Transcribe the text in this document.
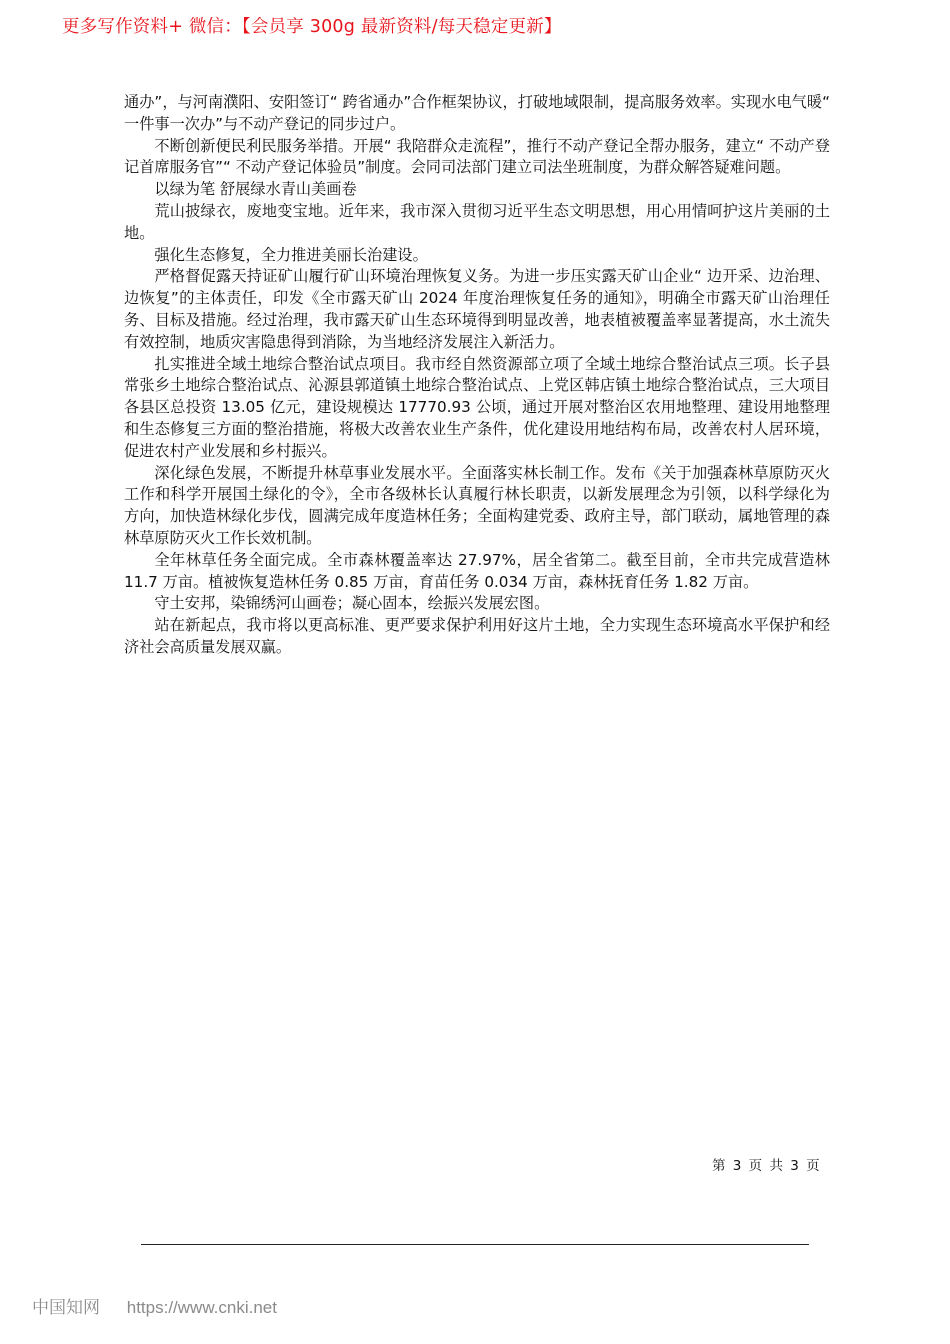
更多写作资料+ 微信：【会员享 300g 最新资料/每天稳定更新】

通办”，与河南濮阳、安阳签订“ 跨省通办”合作框架协议，打破地域限制，提高服务效率。实现水电气暖“ 一件事一次办”与不动产登记的同步过户。

不断创新便民利民服务举措。开展“ 我陪群众走流程”，推行不动产登记全帮办服务，建立“ 不动产登记首席服务官”“ 不动产登记体验员”制度。会同司法部门建立司法坐班制度，为群众解答疑难问题。

以绿为笔 舒展绿水青山美画卷

荒山披绿衣，废地变宝地。近年来，我市深入贯彻习近平生态文明思想，用心用情呵护这片美丽的土地。

强化生态修复，全力推进美丽长治建设。

严格督促露天持证矿山履行矿山环境治理恢复义务。为进一步压实露天矿山企业“ 边开采、边治理、边恢复”的主体责任，印发《全市露天矿山 2024 年度治理恢复任务的通知》，明确全市露天矿山治理任务、目标及措施。经过治理，我市露天矿山生态环境得到明显改善，地表植被覆盖率显著提高，水土流失有效控制，地质灾害隐患得到消除，为当地经济发展注入新活力。

扎实推进全域土地综合整治试点项目。我市经自然资源部立项了全域土地综合整治试点三项。长子县常张乡土地综合整治试点、沁源县郭道镇土地综合整治试点、上党区韩店镇土地综合整治试点，三大项目各县区总投资 13.05 亿元，建设规模达 17770.93 公顷，通过开展对整治区农用地整理、建设用地整理和生态修复三方面的整治措施，将极大改善农业生产条件，优化建设用地结构布局，改善农村人居环境，促进农村产业发展和乡村振兴。

深化绿色发展，不断提升林草事业发展水平。全面落实林长制工作。发布《关于加强森林草原防灭火工作和科学开展国土绿化的令》，全市各级林长认真履行林长职责，以新发展理念为引领，以科学绿化为方向，加快造林绿化步伐，圆满完成年度造林任务；全面构建党委、政府主导，部门联动，属地管理的森林草原防灭火工作长效机制。

全年林草任务全面完成。全市森林覆盖率达 27.97%，居全省第二。截至目前，全市共完成营造林 11.7 万亩。植被恢复造林任务 0.85 万亩，育苗任务 0.034 万亩，森林抚育任务 1.82 万亩。

守土安邦，染锦绣河山画卷；凝心固本，绘振兴发展宏图。

站在新起点，我市将以更高标准、更严要求保护利用好这片土地，全力实现生态环境高水平保护和经济社会高质量发展双赢。

第 3 页 共 3 页
中国知网 https://www.cnki.net
